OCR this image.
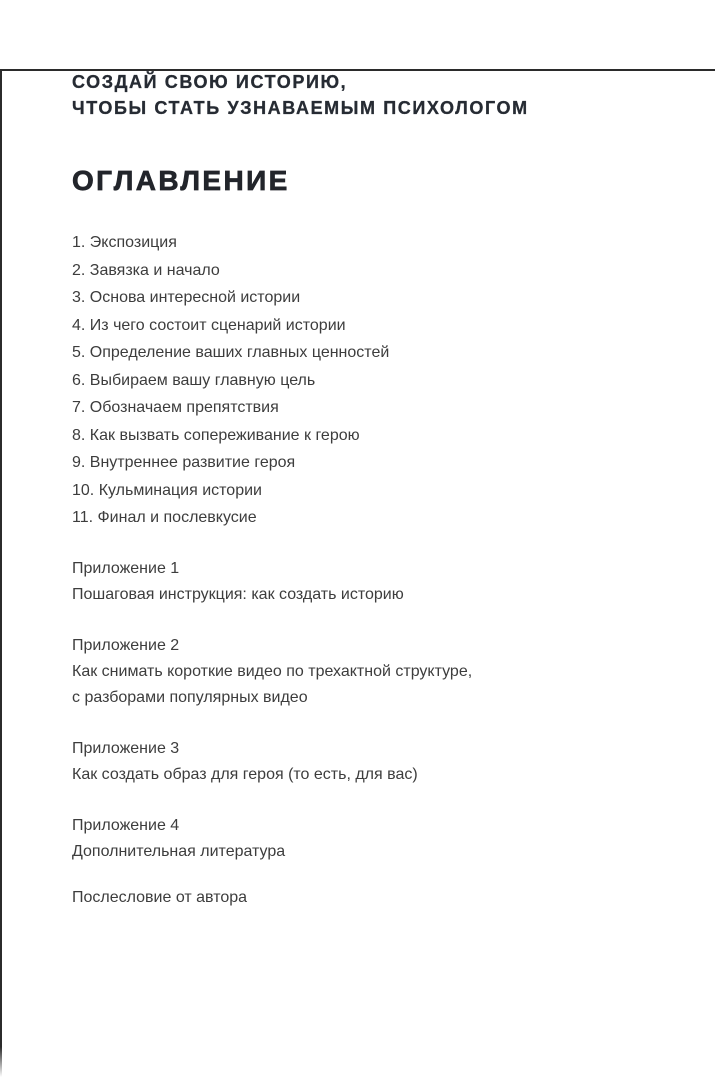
СОЗДАЙ СВОЮ ИСТОРИЮ,
ЧТОБЫ СТАТЬ УЗНАВАЕМЫМ ПСИХОЛОГОМ
ОГЛАВЛЕНИЕ
1. Экспозиция
2. Завязка и начало
3. Основа интересной истории
4. Из чего состоит сценарий истории
5. Определение ваших главных ценностей
6. Выбираем вашу главную цель
7. Обозначаем препятствия
8. Как вызвать сопереживание к герою
9. Внутреннее развитие героя
10. Кульминация истории
11. Финал и послевкусие
Приложение 1
Пошаговая инструкция: как создать историю
Приложение 2
Как снимать короткие видео по трехактной структуре,
с разборами популярных видео
Приложение 3
Как создать образ для героя (то есть, для вас)
Приложение 4
Дополнительная литература

Послесловие от автора
